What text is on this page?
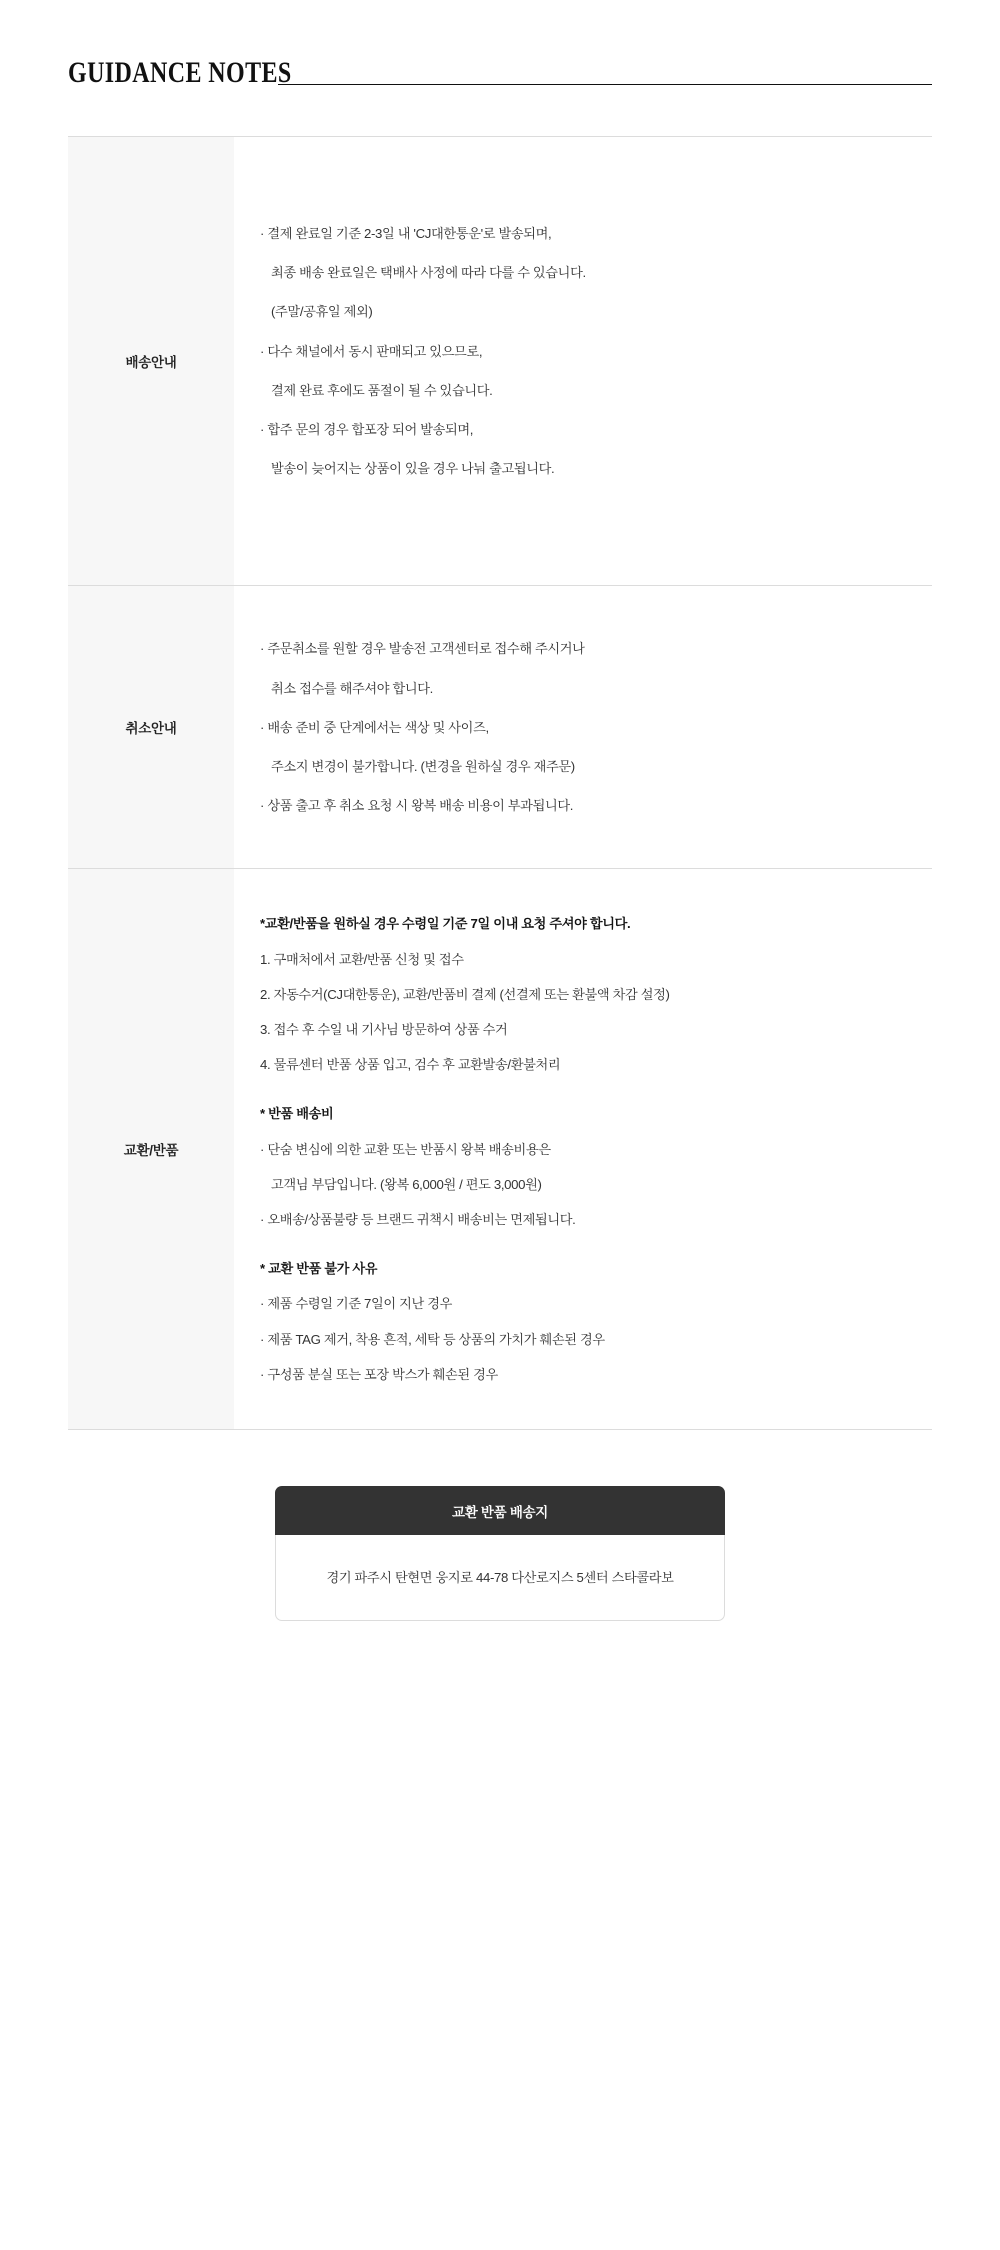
GUIDANCE NOTES
배송안내
· 결제 완료일 기준 2-3일 내 'CJ대한통운'로 발송되며,
최종 배송 완료일은 택배사 사정에 따라 다를 수 있습니다.
(주말/공휴일 제외)
· 다수 채널에서 동시 판매되고 있으므로,
결제 완료 후에도 품절이 될 수 있습니다.
· 합주 문의 경우 합포장 되어 발송되며,
발송이 늦어지는 상품이 있을 경우 나눠 출고됩니다.
취소안내
· 주문취소를 원할 경우 발송전 고객센터로 접수해 주시거나
취소 접수를 해주셔야 합니다.
· 배송 준비 중 단계에서는 색상 및 사이즈,
주소지 변경이 불가합니다. (변경을 원하실 경우 재주문)
· 상품 출고 후 취소 요청 시 왕복 배송 비용이 부과됩니다.
교환/반품
*교환/반품을 원하실 경우 수령일 기준 7일 이내 요청 주셔야 합니다.
1. 구매처에서 교환/반품 신청 및 접수
2. 자동수거(CJ대한통운), 교환/반품비 결제 (선결제 또는 환불액 차감 설정)
3. 접수 후 수일 내 기사님 방문하여 상품 수거
4. 물류센터 반품 상품 입고, 검수 후 교환발송/환불처리
* 반품 배송비
· 단숨 변심에 의한 교환 또는 반품시 왕복 배송비용은
고객님 부담입니다. (왕복 6,000원 / 편도 3,000원)
· 오배송/상품불량 등 브랜드 귀책시 배송비는 면제됩니다.
* 교환 반품 불가 사유
· 제품 수령일 기준 7일이 지난 경우
· 제품 TAG 제거, 착용 흔적, 세탁 등 상품의 가치가 훼손된 경우
· 구성품 분실 또는 포장 박스가 훼손된 경우
교환 반품 배송지
경기 파주시 탄현면 웅지로 44-78 다산로지스 5센터 스타콜라보
